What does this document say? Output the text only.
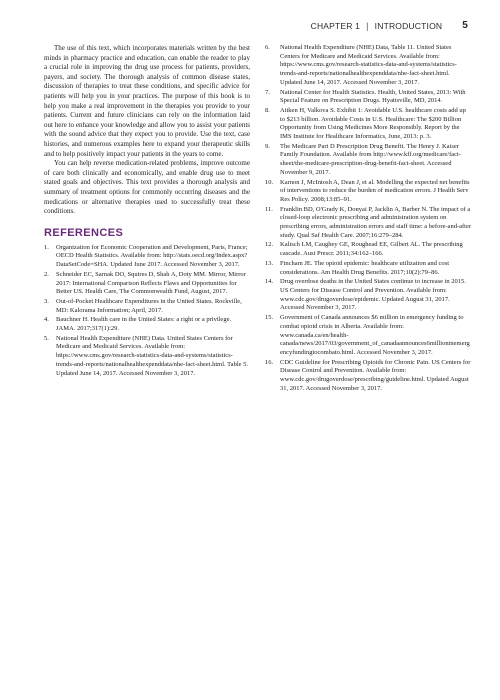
CHAPTER 1 | INTRODUCTION 5

The use of this text, which incorporates materials written by the best minds in pharmacy practice and education, can enable the reader to play a crucial role in improving the drug use process for patients, providers, payers, and society. The thorough analysis of common disease states, discussion of therapies to treat these conditions, and specific advice for patients will help you in your practices. The purpose of this book is to help you make a real improvement in the therapies you provide to your patients. Current and future clinicians can rely on the information laid out here to enhance your knowledge and allow you to assist your patients with the sound advice that they expect you to provide. Use the text, case histories, and numerous examples here to expand your therapeutic skills and to help positively impact your patients in the years to come.

You can help reverse medication-related problems, improve outcome of care both clinically and economically, and enable drug use to meet stated goals and objectives. This text provides a thorough analysis and summary of treatment options for commonly occurring diseases and the medications or alternative therapies used to successfully treat these conditions.

REFERENCES
1. Organization for Economic Cooperation and Development, Paris, France; OECD Health Statistics. Available from: http://stats.oecd.org/Index.aspx?DataSetCode=SHA. Updated June 2017. Accessed November 3, 2017.
2. Schneider EC, Sarnak DO, Squires D, Shah A, Doty MM. Mirror, Mirror 2017: International Comparison Reflects Flaws and Opportunities for Better US. Health Care, The Commonwealth Fund, August, 2017.
3. Out-of-Pocket Healthcare Expenditures in the United States. Rockville, MD: Kalorama Information; April, 2017.
4. Bauchner H. Health care in the United States: a right or a privilege. JAMA. 2017;317(1):29.
5. National Health Expenditure (NHE) Data. United States Centers for Medicare and Medicaid Services. Available from: https://www.cms.gov/research-statistics-data-and-systems/statistics-trends-and-reports/nationalhealthexpenddata/nhe-fact-sheet.html. Table 5. Updated June 14, 2017. Accessed November 3, 2017.
6. National Health Expenditure (NHE) Data, Table 11. United States Centers for Medicare and Medicaid Services. Available from: https://www.cms.gov/research-statistics-data-and-systems/statistics-trends-and-reports/nationalhealthexpenddata/nhe-fact-sheet.html. Updated June 14, 2017. Accessed November 3, 2017.
7. National Center for Health Statistics. Health, United States, 2013: With Special Feature on Prescription Drugs. Hyattsville, MD, 2014.
8. Aitken H, Valkova S. Exhibit 1: Avoidable U.S. healthcare costs add up to $213 billion. Avoidable Costs in U.S. Healthcare: The $200 Billion Opportunity from Using Medicines More Responsibly. Report by the IMS Institute for Healthcare Informatics, June, 2013: p. 3.
9. The Medicare Part D Prescription Drug Benefit. The Henry J. Kaiser Family Foundation. Available from http://www.kff.org/medicare/fact-sheet/the-medicare-prescription-drug-benefit-fact-sheet. Accessed November 9, 2017.
10. Karnon J, McIntosh A, Dean J, et al. Modelling the expected net benefits of interventions to reduce the burden of medication errors. J Health Serv Res Policy. 2008;13:85–91.
11. Franklin BD, O'Grady K, Donyai P, Jacklin A, Barber N. The impact of a closed-loop electronic prescribing and administration system on prescribing errors, administration errors and staff time: a before-and-after study. Qual Saf Health Care. 2007;16:279–284.
12. Kalisch LM, Caughey GE, Roughead EE, Gilbert AL. The prescribing cascade. Aust Prescr. 2011;34:162–166.
13. Fincham JE. The opioid epidemic: healthcare utilization and cost considerations. Am Health Drug Benefits. 2017;10(2):79–86.
14. Drug overdose deaths in the United States continue to increase in 2015. US Centers for Disease Control and Prevention. Available from: www.cdc.gov/drugoverdose/epidemic. Updated August 31, 2017. Accessed November 3, 2017.
15. Government of Canada announces $6 million in emergency funding to combat opioid crisis in Alberta. Available from: www.canada.ca/en/health-canada/news/2017/03/government_of_canadaannounces6millioninemergencyfundingtocombato.html. Accessed November 3, 2017.
16. CDC Guideline for Prescribing Opioids for Chronic Pain. US Centers for Disease Control and Prevention. Available from: www.cdc.gov/drugoverdose/prescribing/guideline.html. Updated August 31, 2017. Accessed November 3, 2017.
